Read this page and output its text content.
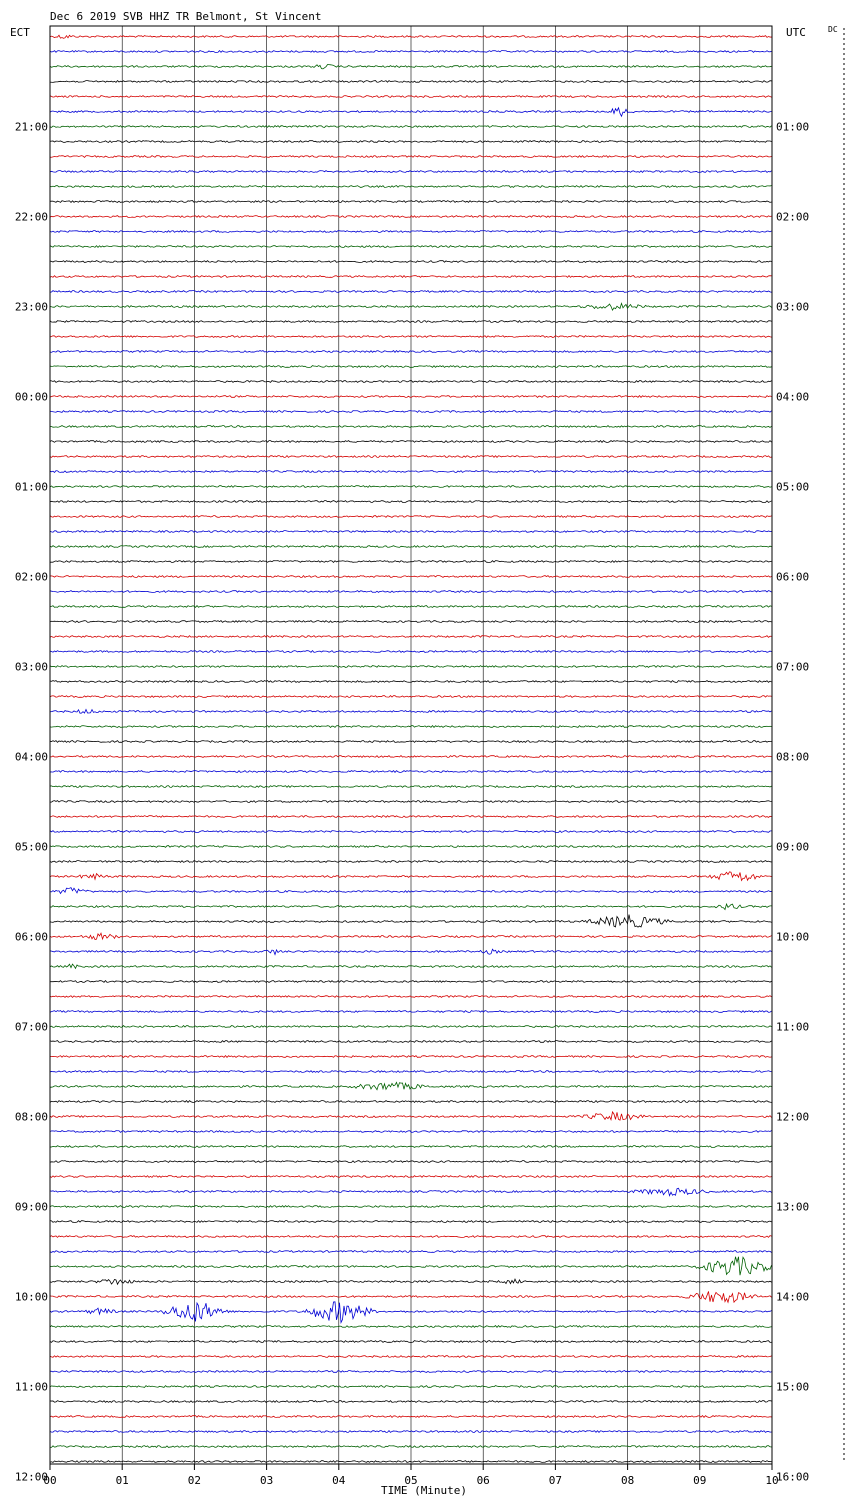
Dec 6 2019 SVB HHZ TR Belmont, St Vincent
ECT	UTC	DC
21:00
22:00
23:00
00:00
01:00
02:00
03:00
04:00
05:00
06:00
07:00
08:00
09:00
10:00
11:00
12:00
01:00
02:00
03:00
04:00
05:00
06:00
07:00
08:00
09:00
10:00
11:00
12:00
13:00
14:00
15:00
16:00
00	01	02	03	04	05	06	07	08	09	10
TIME (Minute)
